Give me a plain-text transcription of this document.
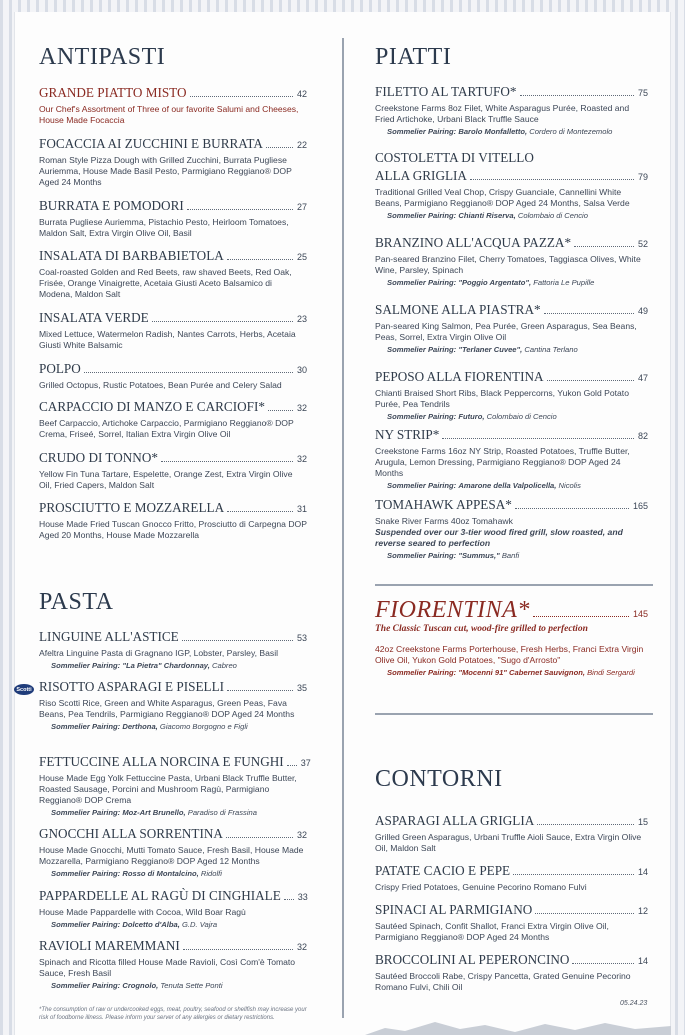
ANTIPASTI
GRANDE PIATTO MISTO	42
Our Chef's Assortment of Three of our favorite Salumi and Cheeses, House Made Focaccia
FOCACCIA AI ZUCCHINI E BURRATA	22
Roman Style Pizza Dough with Grilled Zucchini, Burrata Pugliese Auriemma, House Made Basil Pesto, Parmigiano Reggiano® DOP Aged 24 Months
BURRATA E POMODORI	27
Burrata Pugliese Auriemma, Pistachio Pesto, Heirloom Tomatoes, Maldon Salt, Extra Virgin Olive Oil, Basil
INSALATA DI BARBABIETOLA	25
Coal-roasted Golden and Red Beets, raw shaved Beets, Red Oak, Frisée, Orange Vinaigrette, Acetaia Giusti Aceto Balsamico di Modena, Maldon Salt
INSALATA VERDE	23
Mixed Lettuce, Watermelon Radish, Nantes Carrots, Herbs, Acetaia Giusti White Balsamic
POLPO	30
Grilled Octopus, Rustic Potatoes, Bean Purée and Celery Salad
CARPACCIO DI MANZO E CARCIOFI*	32
Beef Carpaccio, Artichoke Carpaccio, Parmigiano Reggiano® DOP Crema, Friseé, Sorrel, Italian Extra Virgin Olive Oil
CRUDO DI TONNO*	32
Yellow Fin Tuna Tartare, Espelette, Orange Zest, Extra Virgin Olive Oil, Fried Capers, Maldon Salt
PROSCIUTTO E MOZZARELLA	31
House Made Fried Tuscan Gnocco Fritto, Prosciutto di Carpegna DOP Aged 20 Months, House Made Mozzarella
Scotti
PASTA
LINGUINE ALL'ASTICE	53
Afeltra Linguine Pasta di Gragnano IGP, Lobster, Parsley, Basil
Sommelier Pairing: "La Pietra" Chardonnay, Cabreo
RISOTTO ASPARAGI E PISELLI	35
Riso Scotti Rice, Green and White Asparagus, Green Peas, Fava Beans, Pea Tendrils, Parmigiano Reggiano® DOP Aged 24 Months
Sommelier Pairing: Derthona, Giacomo Borgogno e Figli
FETTUCCINE ALLA NORCINA E FUNGHI 37
House Made Egg Yolk Fettuccine Pasta, Urbani Black Truffle Butter, Roasted Sausage, Porcini and Mushroom Ragù, Parmigiano Reggiano® DOP Crema
Sommelier Pairing: Moz-Art Brunello, Paradiso di Frassina
GNOCCHI ALLA SORRENTINA	32
House Made Gnocchi, Mutti Tomato Sauce, Fresh Basil, House Made Mozzarella, Parmigiano Reggiano® DOP Aged 12 Months
Sommelier Pairing: Rosso di Montalcino, Ridolfi
PAPPARDELLE AL RAGÙ DI CINGHIALE 33
House Made Pappardelle with Cocoa, Wild Boar Ragù
Sommelier Pairing: Dolcetto d'Alba, G.D. Vajra
RAVIOLI MAREMMANI	32
Spinach and Ricotta filled House Made Ravioli, Così Com'è Tomato Sauce, Fresh Basil
Sommelier Pairing: Crognolo, Tenuta Sette Ponti
PIATTI
FILETTO AL TARTUFO*	75
Creekstone Farms 8oz Filet, White Asparagus Purée, Roasted and Fried Artichoke, Urbani Black Truffle Sauce
Sommelier Pairing: Barolo Monfalletto, Cordero di Montezemolo
COSTOLETTA DI VITELLO
ALLA GRIGLIA	79
Traditional Grilled Veal Chop, Crispy Guanciale, Cannellini White Beans, Parmigiano Reggiano® DOP Aged 24 Months, Salsa Verde
Sommelier Pairing: Chianti Riserva, Colombaio di Cencio
BRANZINO ALL'ACQUA PAZZA*	52
Pan-seared Branzino Filet, Cherry Tomatoes, Taggiasca Olives, White Wine, Parsley, Spinach
Sommelier Pairing: "Poggio Argentato", Fattoria Le Pupille
SALMONE ALLA PIASTRA*	49
Pan-seared King Salmon, Pea Purée, Green Asparagus, Sea Beans, Peas, Sorrel, Extra Virgin Olive Oil
Sommelier Pairing: "Terlaner Cuvee", Cantina Terlano
PEPOSO ALLA FIORENTINA	47
Chianti Braised Short Ribs, Black Peppercorns, Yukon Gold Potato Purée, Pea Tendrils
Sommelier Pairing: Futuro, Colombaio di Cencio
NY STRIP*	82
Creekstone Farms 16oz NY Strip, Roasted Potatoes, Truffle Butter, Arugula, Lemon Dressing, Parmigiano Reggiano® DOP Aged 24 Months
Sommelier Pairing: Amarone della Valpolicella, Nicolis
TOMAHAWK APPESA*	165
Snake River Farms 40oz Tomahawk
Suspended over our 3-tier wood fired grill, slow roasted, and reverse seared to perfection
Sommelier Pairing: "Summus," Banfi
FIORENTINA*	145
The Classic Tuscan cut, wood-fire grilled to perfection
42oz Creekstone Farms Porterhouse, Fresh Herbs, Franci Extra Virgin Olive Oil, Yukon Gold Potatoes, "Sugo d'Arrosto"
Sommelier Pairing: "Mocenni 91" Cabernet Sauvignon, Bindi Sergardi
CONTORNI
ASPARAGI ALLA GRIGLIA	15
Grilled Green Asparagus, Urbani Truffle Aioli Sauce, Extra Virgin Olive Oil, Maldon Salt
PATATE CACIO E PEPE	14
Crispy Fried Potatoes, Genuine Pecorino Romano Fulvi
SPINACI AL PARMIGIANO	12
Sautéed Spinach, Confit Shallot, Franci Extra Virgin Olive Oil, Parmigiano Reggiano® DOP Aged 24 Months
BROCCOLINI AL PEPERONCINO	14
Sautéed Broccoli Rabe, Crispy Pancetta, Grated Genuine Pecorino Romano Fulvi, Chili Oil
*The consumption of raw or undercooked eggs, meat, poultry, seafood or shellfish may increase your risk of foodborne illness. Please inform your server of any allergies or dietary restrictions.
05.24.23
